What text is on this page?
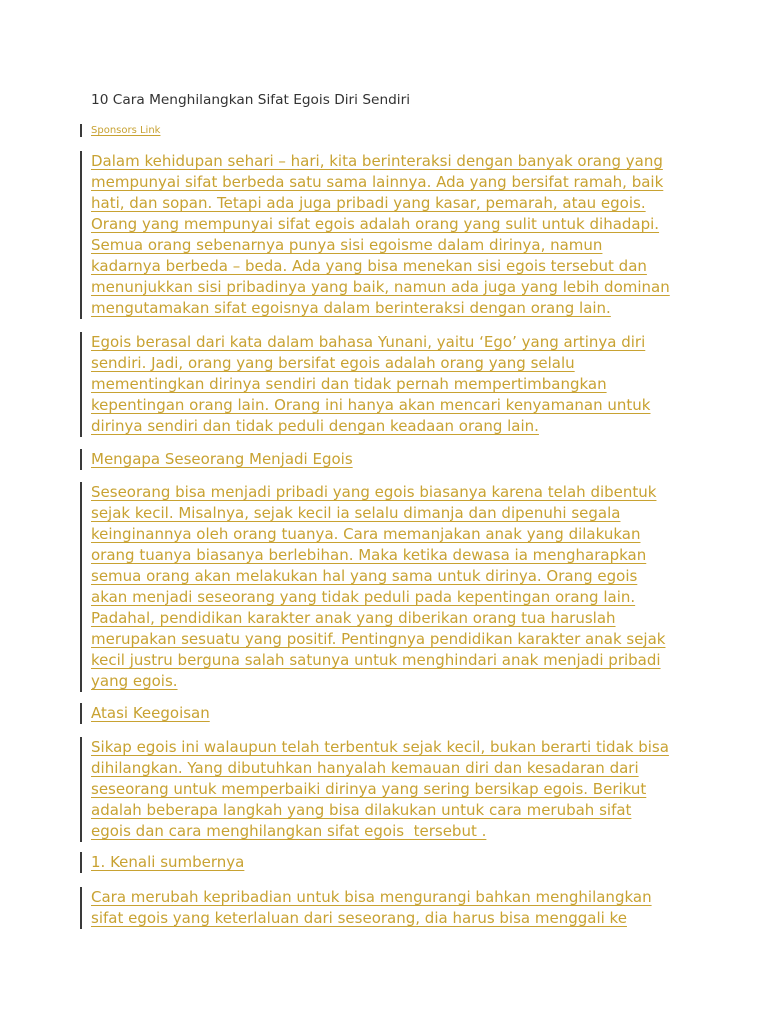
10 Cara Menghilangkan Sifat Egois Diri Sendiri
Sponsors Link
Dalam kehidupan sehari – hari, kita berinteraksi dengan banyak orang yang
mempunyai sifat berbeda satu sama lainnya. Ada yang bersifat ramah, baik
hati, dan sopan. Tetapi ada juga pribadi yang kasar, pemarah, atau egois.
Orang yang mempunyai sifat egois adalah orang yang sulit untuk dihadapi.
Semua orang sebenarnya punya sisi egoisme dalam dirinya, namun
kadarnya berbeda – beda. Ada yang bisa menekan sisi egois tersebut dan
menunjukkan sisi pribadinya yang baik, namun ada juga yang lebih dominan
mengutamakan sifat egoisnya dalam berinteraksi dengan orang lain.
Egois berasal dari kata dalam bahasa Yunani, yaitu ‘Ego’ yang artinya diri
sendiri. Jadi, orang yang bersifat egois adalah orang yang selalu
mementingkan dirinya sendiri dan tidak pernah mempertimbangkan
kepentingan orang lain. Orang ini hanya akan mencari kenyamanan untuk
dirinya sendiri dan tidak peduli dengan keadaan orang lain.
Mengapa Seseorang Menjadi Egois
Seseorang bisa menjadi pribadi yang egois biasanya karena telah dibentuk
sejak kecil. Misalnya, sejak kecil ia selalu dimanja dan dipenuhi segala
keinginannya oleh orang tuanya. Cara memanjakan anak yang dilakukan
orang tuanya biasanya berlebihan. Maka ketika dewasa ia mengharapkan
semua orang akan melakukan hal yang sama untuk dirinya. Orang egois
akan menjadi seseorang yang tidak peduli pada kepentingan orang lain.
Padahal, pendidikan karakter anak yang diberikan orang tua haruslah
merupakan sesuatu yang positif. Pentingnya pendidikan karakter anak sejak
kecil justru berguna salah satunya untuk menghindari anak menjadi pribadi
yang egois.
Atasi Keegoisan
Sikap egois ini walaupun telah terbentuk sejak kecil, bukan berarti tidak bisa
dihilangkan. Yang dibutuhkan hanyalah kemauan diri dan kesadaran dari
seseorang untuk memperbaiki dirinya yang sering bersikap egois. Berikut
adalah beberapa langkah yang bisa dilakukan untuk cara merubah sifat
egois dan cara menghilangkan sifat egois  tersebut .
1. Kenali sumbernya
Cara merubah kepribadian untuk bisa mengurangi bahkan menghilangkan
sifat egois yang keterlaluan dari seseorang, dia harus bisa menggali ke
